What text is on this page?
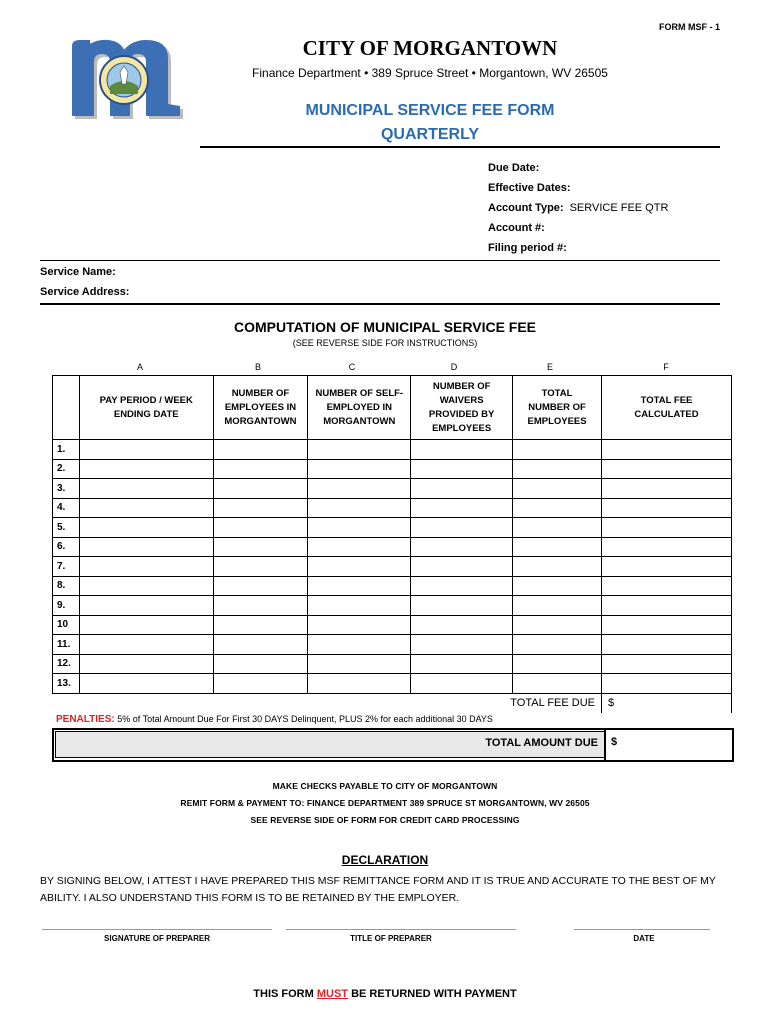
FORM MSF - 1
CITY OF MORGANTOWN
Finance Department • 389 Spruce Street • Morgantown, WV 26505
MUNICIPAL SERVICE FEE FORM
QUARTERLY
Due Date:
Effective Dates:
Account Type: SERVICE FEE QTR
Account #:
Filing period #:
Service Name:
Service Address:
COMPUTATION OF MUNICIPAL SERVICE FEE
(SEE REVERSE SIDE FOR INSTRUCTIONS)
A	B	C	D	E	F
	PAY PERIOD / WEEK ENDING DATE	NUMBER OF EMPLOYEES IN MORGANTOWN	NUMBER OF SELF-EMPLOYED IN MORGANTOWN	NUMBER OF WAIVERS PROVIDED BY EMPLOYEES	TOTAL NUMBER OF EMPLOYEES	TOTAL FEE CALCULATED
1.						
2.						
3.						
4.						
5.						
6.						
7.						
8.						
9.						
10						
11.						
12.						
13.						
TOTAL FEE DUE						$
PENALTIES: 5% of Total Amount Due For First 30 DAYS Delinquent, PLUS 2% for each additional 30 DAYS
TOTAL AMOUNT DUE $
MAKE CHECKS PAYABLE TO CITY OF MORGANTOWN
REMIT FORM & PAYMENT TO: FINANCE DEPARTMENT 389 SPRUCE ST MORGANTOWN, WV 26505
SEE REVERSE SIDE OF FORM FOR CREDIT CARD PROCESSING
DECLARATION
BY SIGNING BELOW, I ATTEST I HAVE PREPARED THIS MSF REMITTANCE FORM AND IT IS TRUE AND ACCURATE TO THE BEST OF MY ABILITY. I ALSO UNDERSTAND THIS FORM IS TO BE RETAINED BY THE EMPLOYER.
SIGNATURE OF PREPARER	TITLE OF PREPARER	DATE
THIS FORM MUST BE RETURNED WITH PAYMENT
